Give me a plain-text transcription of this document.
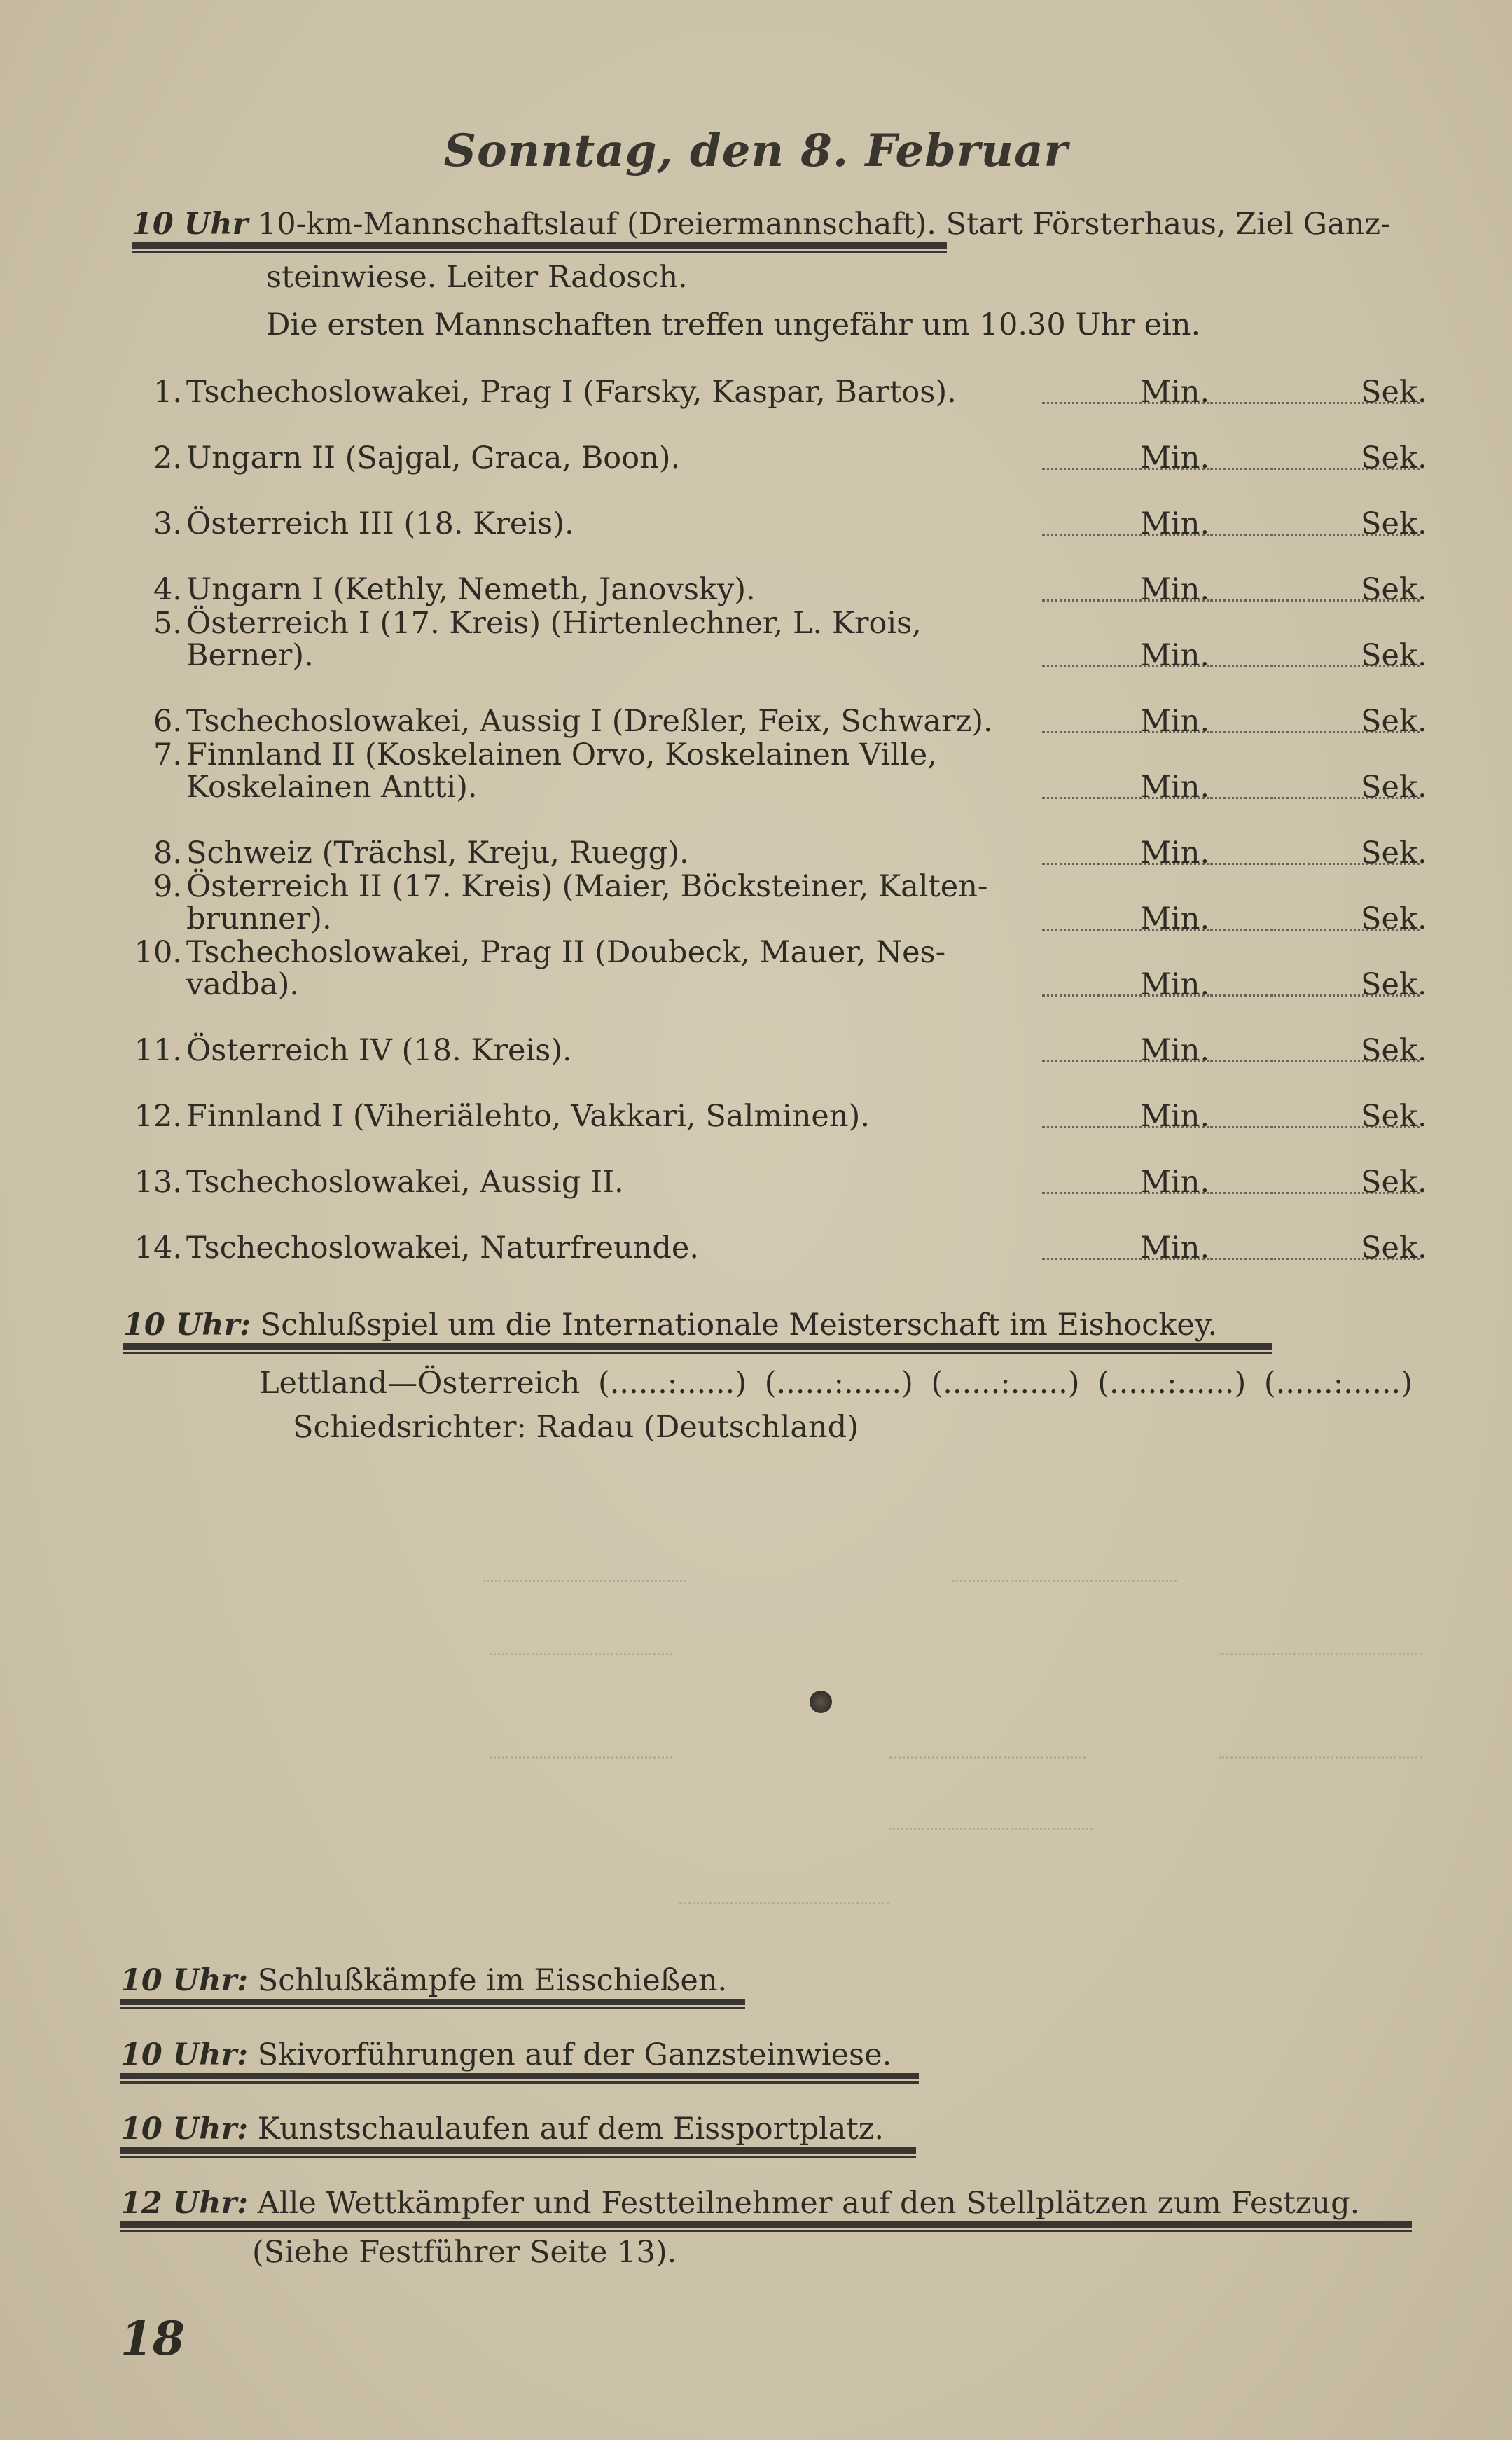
Sonntag, den 8. Februar
10 Uhr 10-km-Mannschaftslauf (Dreiermannschaft). Start Försterhaus, Ziel Ganz-
steinwiese. Leiter Radosch.
Die ersten Mannschaften treffen ungefähr um 10.30 Uhr ein.
1. Tschechoslowakei, Prag I (Farsky, Kaspar, Bartos).	Min.	Sek.
2. Ungarn II (Sajgal, Graca, Boon).	Min.	Sek.
3. Österreich III (18. Kreis).	Min.	Sek.
4. Ungarn I (Kethly, Nemeth, Janovsky).	Min.	Sek.
5. Österreich I (17. Kreis) (Hirtenlechner, L. Krois,
Berner).	Min.	Sek.
6. Tschechoslowakei, Aussig I (Dreßler, Feix, Schwarz).	Min.	Sek.
7. Finnland II (Koskelainen Orvo, Koskelainen Ville,
Koskelainen Antti).	Min.	Sek.
8. Schweiz (Trächsl, Kreju, Ruegg).	Min.	Sek.
9. Österreich II (17. Kreis) (Maier, Böcksteiner, Kalten-
brunner).	Min.	Sek.
10. Tschechoslowakei, Prag II (Doubeck, Mauer, Nes-
vadba).	Min.	Sek.
11. Österreich IV (18. Kreis).	Min.	Sek.
12. Finnland I (Viheriälehto, Vakkari, Salminen).	Min.	Sek.
13. Tschechoslowakei, Aussig II.	Min.	Sek.
14. Tschechoslowakei, Naturfreunde.	Min.	Sek.
10 Uhr: Schlußspiel um die Internationale Meisterschaft im Eishockey.
Lettland—Österreich (......:......) (......:......) (......:......) (......:......) (......:......)
Schiedsrichter: Radau (Deutschland)
10 Uhr: Schlußkämpfe im Eisschießen.
10 Uhr: Skivorführungen auf der Ganzsteinwiese.
10 Uhr: Kunstschaulaufen auf dem Eissportplatz.
12 Uhr: Alle Wettkämpfer und Festteilnehmer auf den Stellplätzen zum Festzug.
(Siehe Festführer Seite 13).
18
